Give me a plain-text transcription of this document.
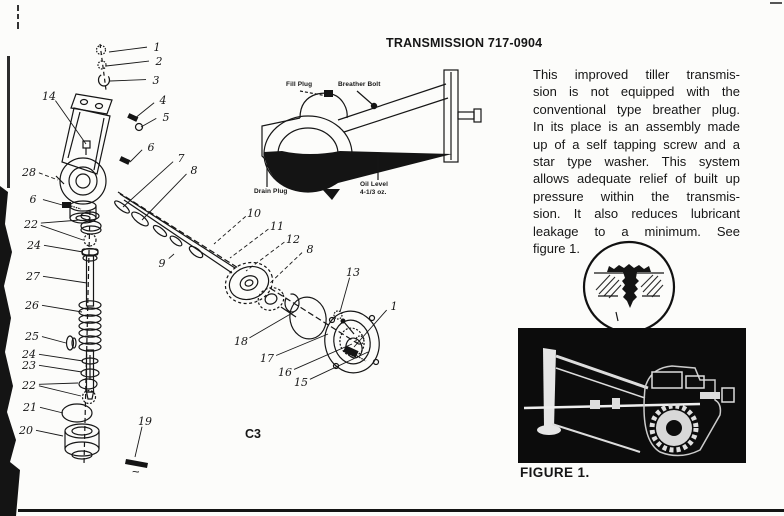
1
2
3
4
5
14
6
28
6
7
8
9
10
11
12
8
13
18
17
16
15
1
22
24
27
26
25
24
23
22
21
20
19
TRANSMISSION 717-0904
This improved tiller transmis-
sion is not equipped with the
conventional type breather plug.
In its place is an assembly made
up of a self tapping screw and a
star type washer. This system
allows adequate relief of built up
pressure within the transmis-
sion. It also reduces lubricant
leakage to a minimum. See
figure 1.
Fill Plug	Breather Bolt
Drain Plug
Oil Level
4-1/3 oz.
C3
FIGURE 1.
~
